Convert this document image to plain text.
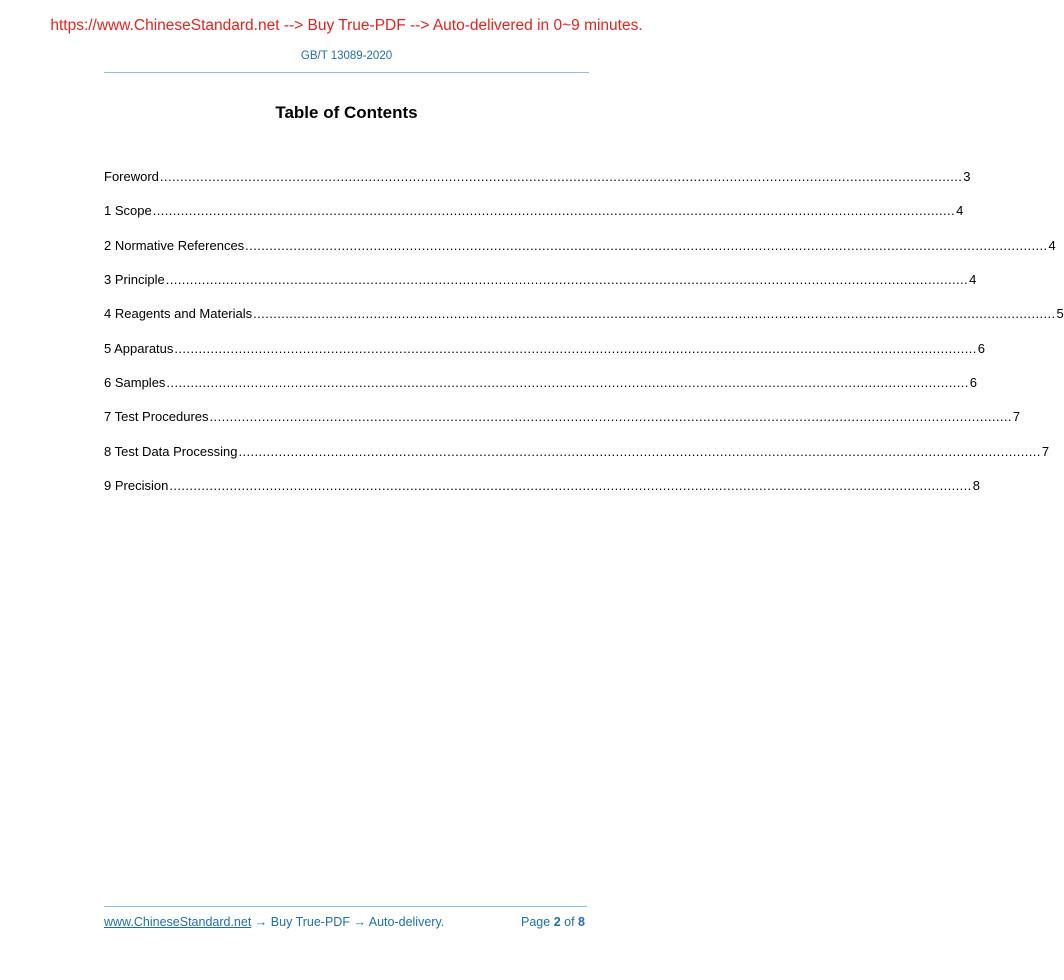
https://www.ChineseStandard.net --> Buy True-PDF --> Auto-delivered in 0~9 minutes.
GB/T 13089-2020
Table of Contents
Foreword ........................................................................................................................................................................................................ 3
1 Scope ........................................................................................................................................................................................................ 4
2 Normative References ........................................................................................................................................................................................................ 4
3 Principle ........................................................................................................................................................................................................ 4
4 Reagents and Materials ........................................................................................................................................................................................................ 5
5 Apparatus ........................................................................................................................................................................................................ 6
6 Samples ........................................................................................................................................................................................................ 6
7 Test Procedures ........................................................................................................................................................................................................ 7
8 Test Data Processing ........................................................................................................................................................................................................ 7
9 Precision ........................................................................................................................................................................................................ 8
www.ChineseStandard.net → Buy True-PDF → Auto-delivery.	Page 2 of 8
